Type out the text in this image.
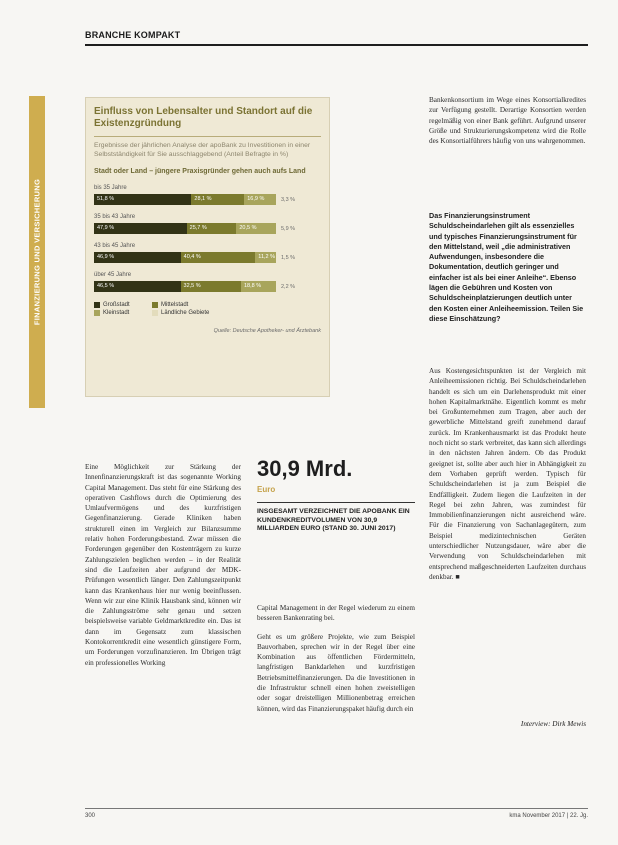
BRANCHE KOMPAKT
FINANZIERUNG UND VERSICHERUNG
Einfluss von Lebensalter und Standort auf die Existenzgründung
Ergebnisse der jährlichen Analyse der apoBank zu Investitionen in einer Selbstständigkeit für Sie ausschlaggebend (Anteil Befragte in %)
Stadt oder Land – jüngere Praxisgründer gehen auch aufs Land
bis 35 Jahre
51,8 %	28,1 %	16,9 %	3,3 %
35 bis 43 Jahre
47,9 %	25,7 %	20,5 %	5,9 %
43 bis 45 Jahre
46,9 %	40,4 %	11,2 % 1,5 %
über 45 Jahre
46,5 %	32,5 %	18,8 %	2,2 %
Großstadt	Mittelstadt
Kleinstadt	Ländliche Gebiete
Quelle: Deutsche Apotheker- und Ärztebank

Eine Möglichkeit zur Stärkung der Innenfinanzierungskraft ist das sogenannte Working Capital Management. Das steht für eine Stärkung des operativen Cashflows durch die Optimierung des Umlaufvermögens und des kurzfristigen Gegenfinanzierung. Gerade Kliniken haben strukturell einen im Vergleich zur Bilanzsumme relativ hohen Forderungsbestand. Zwar müssen die Forderungen gegenüber den Kostenträgern zu kurze Zahlungszielen beglichen werden – in der Realität sind die Laufzeiten aber aufgrund der MDK-Prüfungen wesentlich länger. Den Zahlungszeitpunkt kann das Krankenhaus hier nur wenig beeinflussen. Wenn wir zur eine Klinik Hausbank sind, können wir die Zahlungsströme sehr genau und setzen beispielsweise variable Geldmarktkredite ein. Das ist dann im Gegensatz zum klassischen Kontokorrentkredit eine wesentlich günstigere Form, um Forderungen vorzufinanzieren. Im Übrigen trägt ein professionelles Working

30,9 Mrd.
Euro
INSGESAMT VERZEICHNET DIE APOBANK EIN KUNDENKREDITVOLUMEN VON 30,9 MILLIARDEN EURO (STAND 30. JUNI 2017)

Capital Management in der Regel wiederum zu einem besseren Bankenrating bei.

Geht es um größere Projekte, wie zum Beispiel Bauvorhaben, sprechen wir in der Regel über eine Kombination aus öffentlichen Fördermitteln, langfristigen Bankdarlehen und kurzfristigen Betriebsmittelfinanzierungen. Da die Investitionen in die Infrastruktur schnell einen hohen zweistelligen oder sogar dreistelligen Millionenbetrag erreichen können, wird das Finanzierungspaket häufig durch ein

Bankenkonsortium im Wege eines Konsortialkredites zur Verfügung gestellt. Derartige Konsortien werden regelmäßig von einer Bank geführt. Aufgrund unserer Größe und Strukturierungskompetenz wird die Rolle des Konsortialführers häufig von uns wahrgenommen.

Das Finanzierungsinstrument Schuldscheindarlehen gilt als essenzielles und typisches Finanzierungsinstrument für den Mittelstand, weil „die administrativen Aufwendungen, insbesondere die Dokumentation, deutlich geringer und einfacher ist als bei einer Anleihe“. Ebenso lägen die Gebühren und Kosten von Schuldscheinplatzierungen deutlich unter den Kosten einer Anleiheemission. Teilen Sie diese Einschätzung?

Aus Kostengesichtspunkten ist der Vergleich mit Anleiheemissionen richtig. Bei Schuldscheindarlehen handelt es sich um ein Darlehensprodukt mit einer hohen Kapitalmarktnähe. Eigentlich kommt es mehr bei Großunternehmen zum Tragen, aber auch der gewerbliche Mittelstand greift zunehmend darauf zurück. Im Krankenhausmarkt ist das Produkt heute noch nicht so stark verbreitet, das kann sich allerdings in den nächsten Jahren ändern. Ob das Produkt geeignet ist, sollte aber auch hier in Abhängigkeit zu dem Vorhaben geprüft werden. Typisch für Schuldscheindarlehen ist ja zum Beispiel die Endfälligkeit. Zudem liegen die Laufzeiten in der Regel bei zehn Jahren, was zumindest für Immobilienfinanzierungen nicht ausreichend wäre. Für die Finanzierung von Sachanlagegütern, zum Beispiel medizintechnischen Geräten unterschiedlicher Nutzungsdauer, wäre aber die Verwendung von Schuldscheindarlehen mit entsprechend maßgeschneiderten Laufzeiten durchaus denkbar. ■

Interview: Dirk Mewis
300	kma November 2017 | 22. Jg.
